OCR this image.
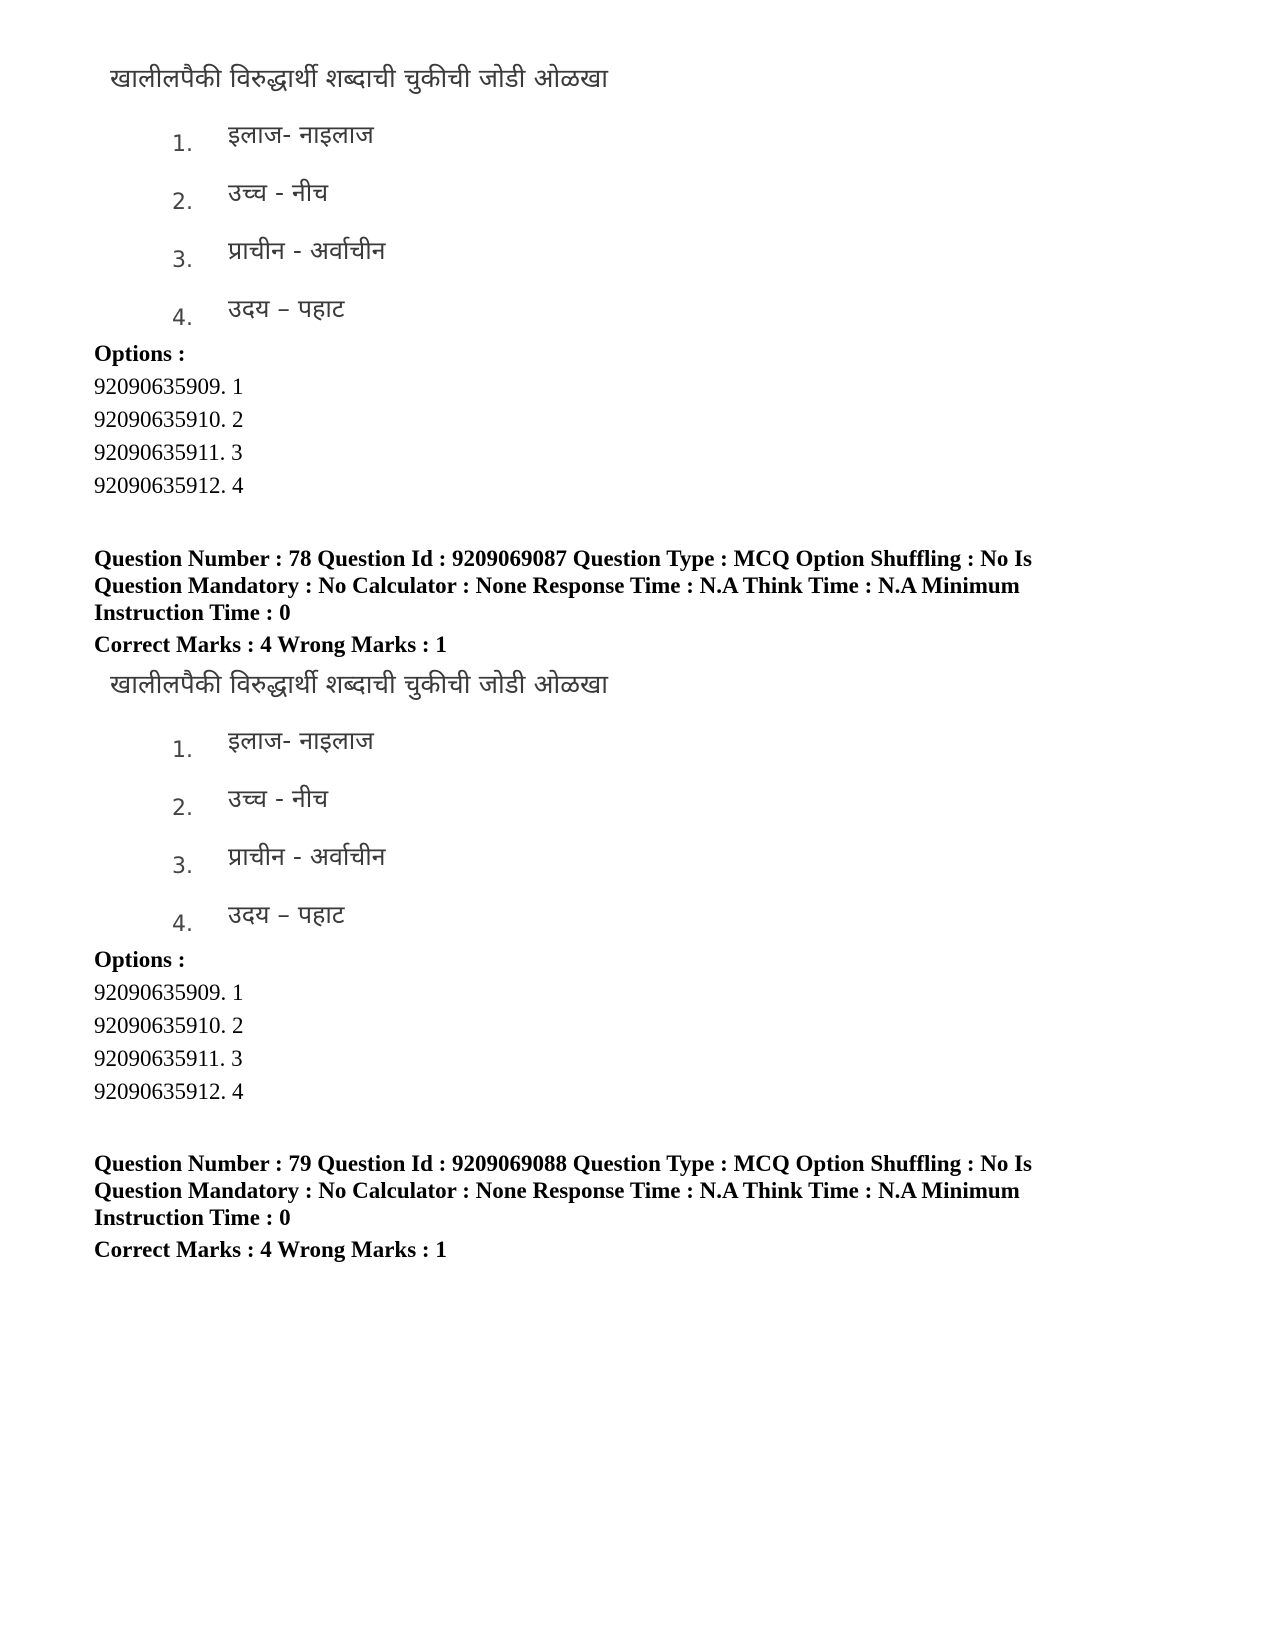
खालीलपैकी विरुद्धार्थी शब्दाची चुकीची जोडी ओळखा

1. इलाज- नाइलाज
2. उच्च - नीच
3. प्राचीन - अर्वाचीन
4. उदय – पहाट
Options :
92090635909. 1
92090635910. 2
92090635911. 3
92090635912. 4
Question Number : 78 Question Id : 9209069087 Question Type : MCQ Option Shuffling : No Is
Question Mandatory : No Calculator : None Response Time : N.A Think Time : N.A Minimum
Instruction Time : 0
Correct Marks : 4 Wrong Marks : 1

खालीलपैकी विरुद्धार्थी शब्दाची चुकीची जोडी ओळखा

1. इलाज- नाइलाज
2. उच्च - नीच
3. प्राचीन - अर्वाचीन
4. उदय – पहाट
Options :
92090635909. 1
92090635910. 2
92090635911. 3
92090635912. 4
Question Number : 79 Question Id : 9209069088 Question Type : MCQ Option Shuffling : No Is
Question Mandatory : No Calculator : None Response Time : N.A Think Time : N.A Minimum
Instruction Time : 0
Correct Marks : 4 Wrong Marks : 1
